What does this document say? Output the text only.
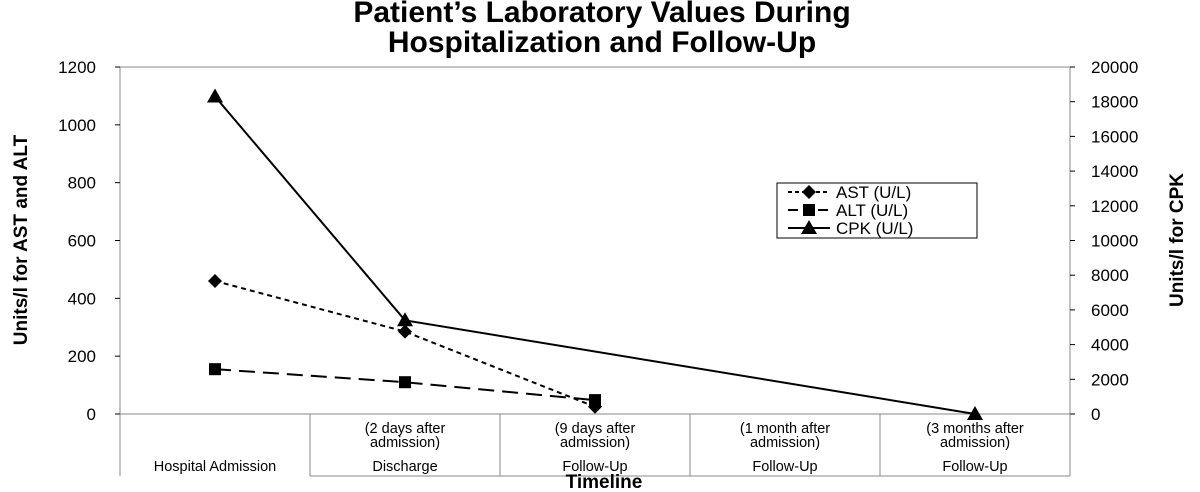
Patient’s Laboratory Values During
Hospitalization and Follow-Up
0
200
400
600
800
1000
1200
0
2000
4000
6000
8000
10000
12000
14000
16000
18000
20000
Hospital Admission
(2 days after
admission)
Discharge
(9 days after
admission)
Follow-Up
(1 month after
admission)
Follow-Up
(3 months after
admission)
Follow-Up
Units/l for AST and ALT	Units/l for CPK
Timeline
AST (U/L)
ALT (U/L)
CPK (U/L)
